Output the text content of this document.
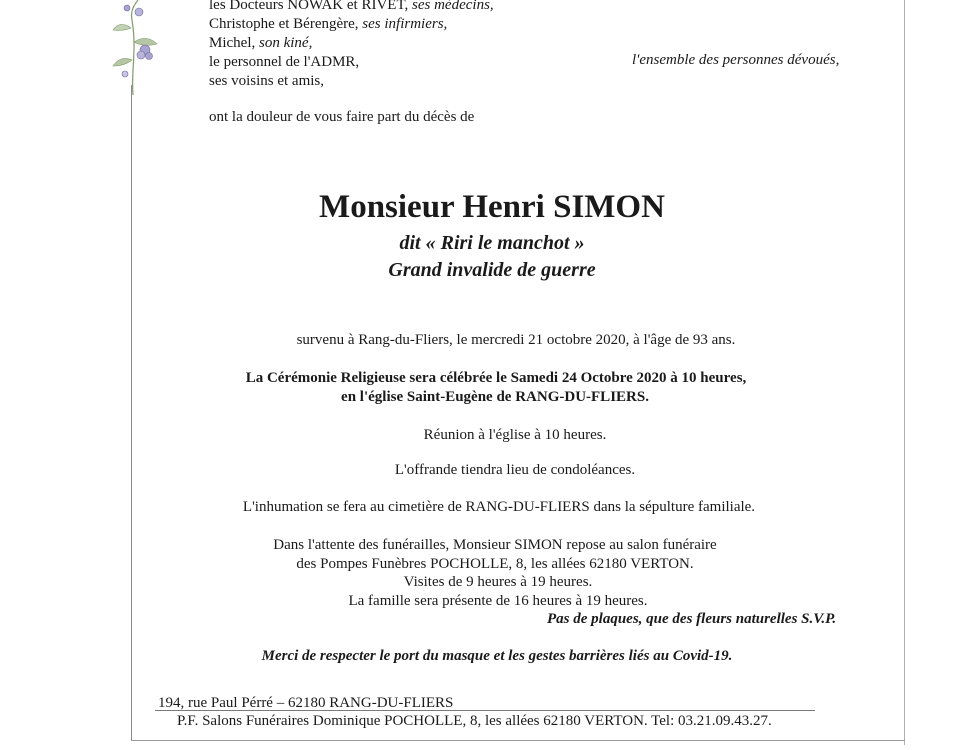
les Docteurs NOWAK et RIVET, ses médecins,
Christophe et Bérengère, ses infirmiers,
Michel, son kiné,
le personnel de l'ADMR,
ses voisins et amis,
l'ensemble des personnes dévoués,
ont la douleur de vous faire part du décès de
Monsieur Henri SIMON
dit « Riri le manchot »
Grand invalide de guerre
survenu à Rang-du-Fliers, le mercredi 21 octobre 2020, à l'âge de 93 ans.
La Cérémonie Religieuse sera célébrée le Samedi 24 Octobre 2020 à 10 heures,
en l'église Saint-Eugène de RANG-DU-FLIERS.
Réunion à l'église à 10 heures.
L'offrande tiendra lieu de condoléances.
L'inhumation se fera au cimetière de RANG-DU-FLIERS dans la sépulture familiale.
Dans l'attente des funérailles, Monsieur SIMON repose au salon funéraire
des Pompes Funèbres POCHOLLE, 8, les allées 62180 VERTON.
Visites de 9 heures à 19 heures.
La famille sera présente de 16 heures à 19 heures.
Pas de plaques, que des fleurs naturelles S.V.P.
Merci de respecter le port du masque et les gestes barrières liés au Covid-19.
194, rue Paul Pérré – 62180 RANG-DU-FLIERS
P.F. Salons Funéraires Dominique POCHOLLE, 8, les allées 62180 VERTON. Tel: 03.21.09.43.27.
